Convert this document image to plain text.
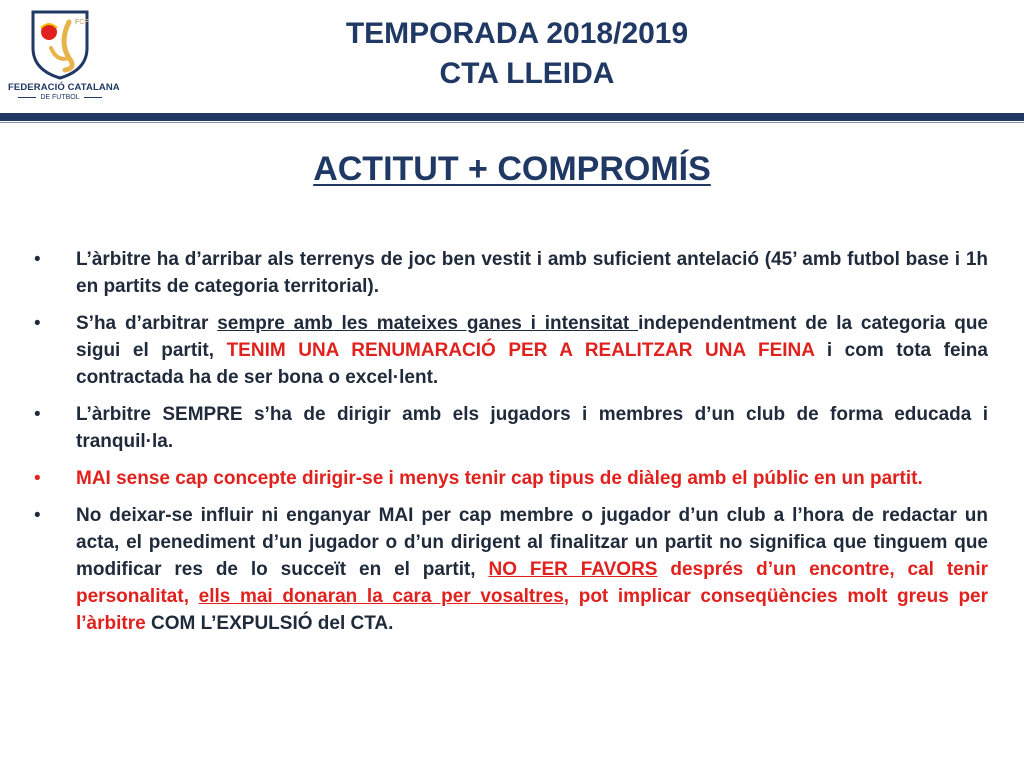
FCF
FEDERACIÓ CATALANA
DE FUTBOL
TEMPORADA 2018/2019
CTA LLEIDA
ACTITUT + COMPROMÍS
• L’àrbitre ha d’arribar als terrenys de joc ben vestit i amb suficient antelació (45’ amb futbol base i 1h en partits de categoria territorial).
• S’ha d’arbitrar sempre amb les mateixes ganes i intensitat independentment de la categoria que sigui el partit, TENIM UNA RENUMARACIÓ PER A REALITZAR UNA FEINA i com tota feina contractada ha de ser bona o excel·lent.
• L’àrbitre SEMPRE s’ha de dirigir amb els jugadors i membres d’un club de forma educada i tranquil·la.
• MAI sense cap concepte dirigir-se i menys tenir cap tipus de diàleg amb el públic en un partit.
• No deixar-se influir ni enganyar MAI per cap membre o jugador d’un club a l’hora de redactar un acta, el penediment d’un jugador o d’un dirigent al finalitzar un partit no significa que tinguem que modificar res de lo succeït en el partit, NO FER FAVORS després d’un encontre, cal tenir personalitat, ells mai donaran la cara per vosaltres, pot implicar conseqüències molt greus per l’àrbitre COM L’EXPULSIÓ del CTA.
